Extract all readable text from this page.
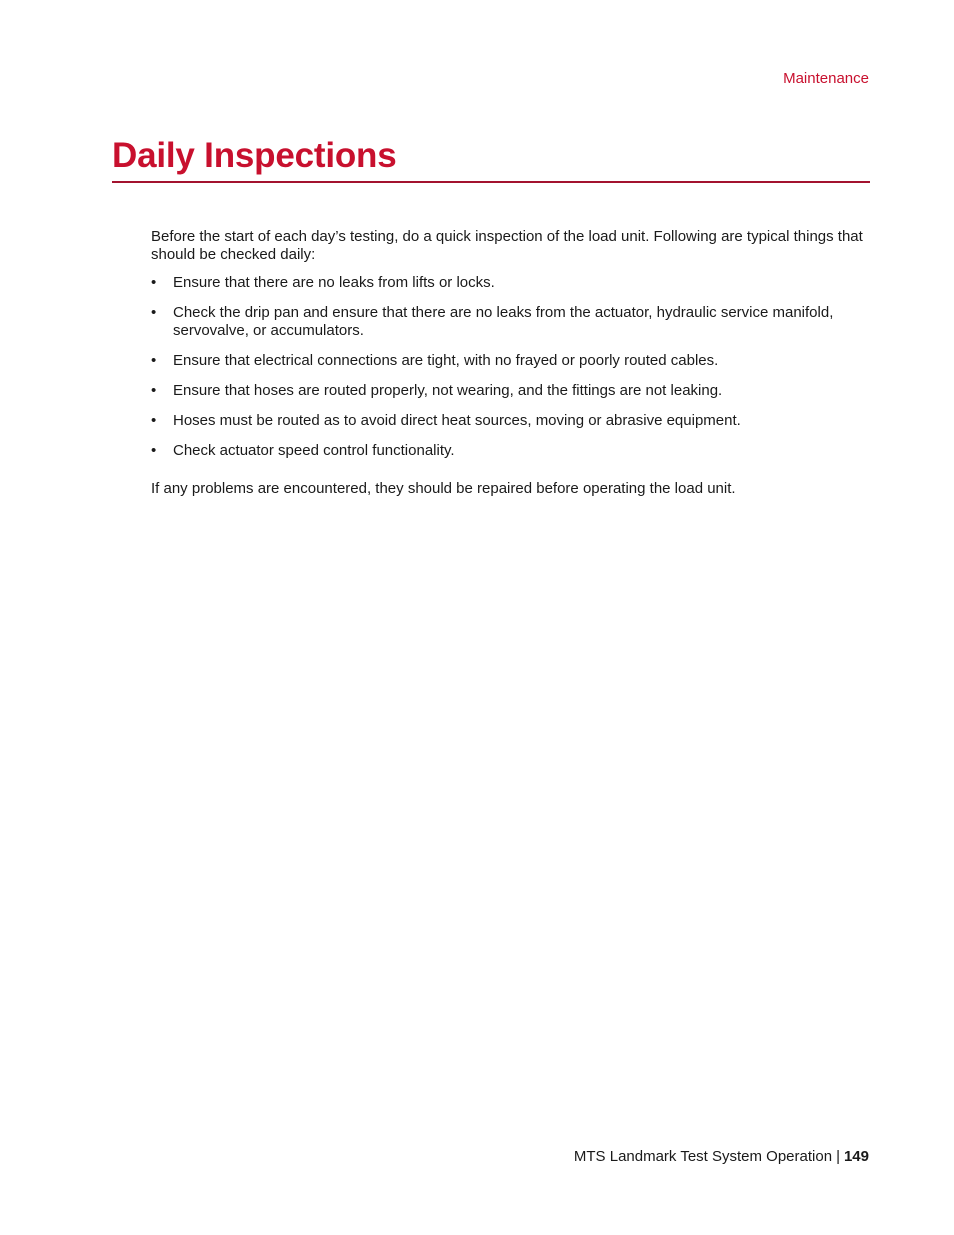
Maintenance
Daily Inspections

Before the start of each day’s testing, do a quick inspection of the load unit. Following are typical things that should be checked daily:

• Ensure that there are no leaks from lifts or locks.
• Check the drip pan and ensure that there are no leaks from the actuator, hydraulic service manifold, servovalve, or accumulators.
• Ensure that electrical connections are tight, with no frayed or poorly routed cables.
• Ensure that hoses are routed properly, not wearing, and the fittings are not leaking.
• Hoses must be routed as to avoid direct heat sources, moving or abrasive equipment.
• Check actuator speed control functionality.

If any problems are encountered, they should be repaired before operating the load unit.

MTS Landmark Test System Operation | 149
